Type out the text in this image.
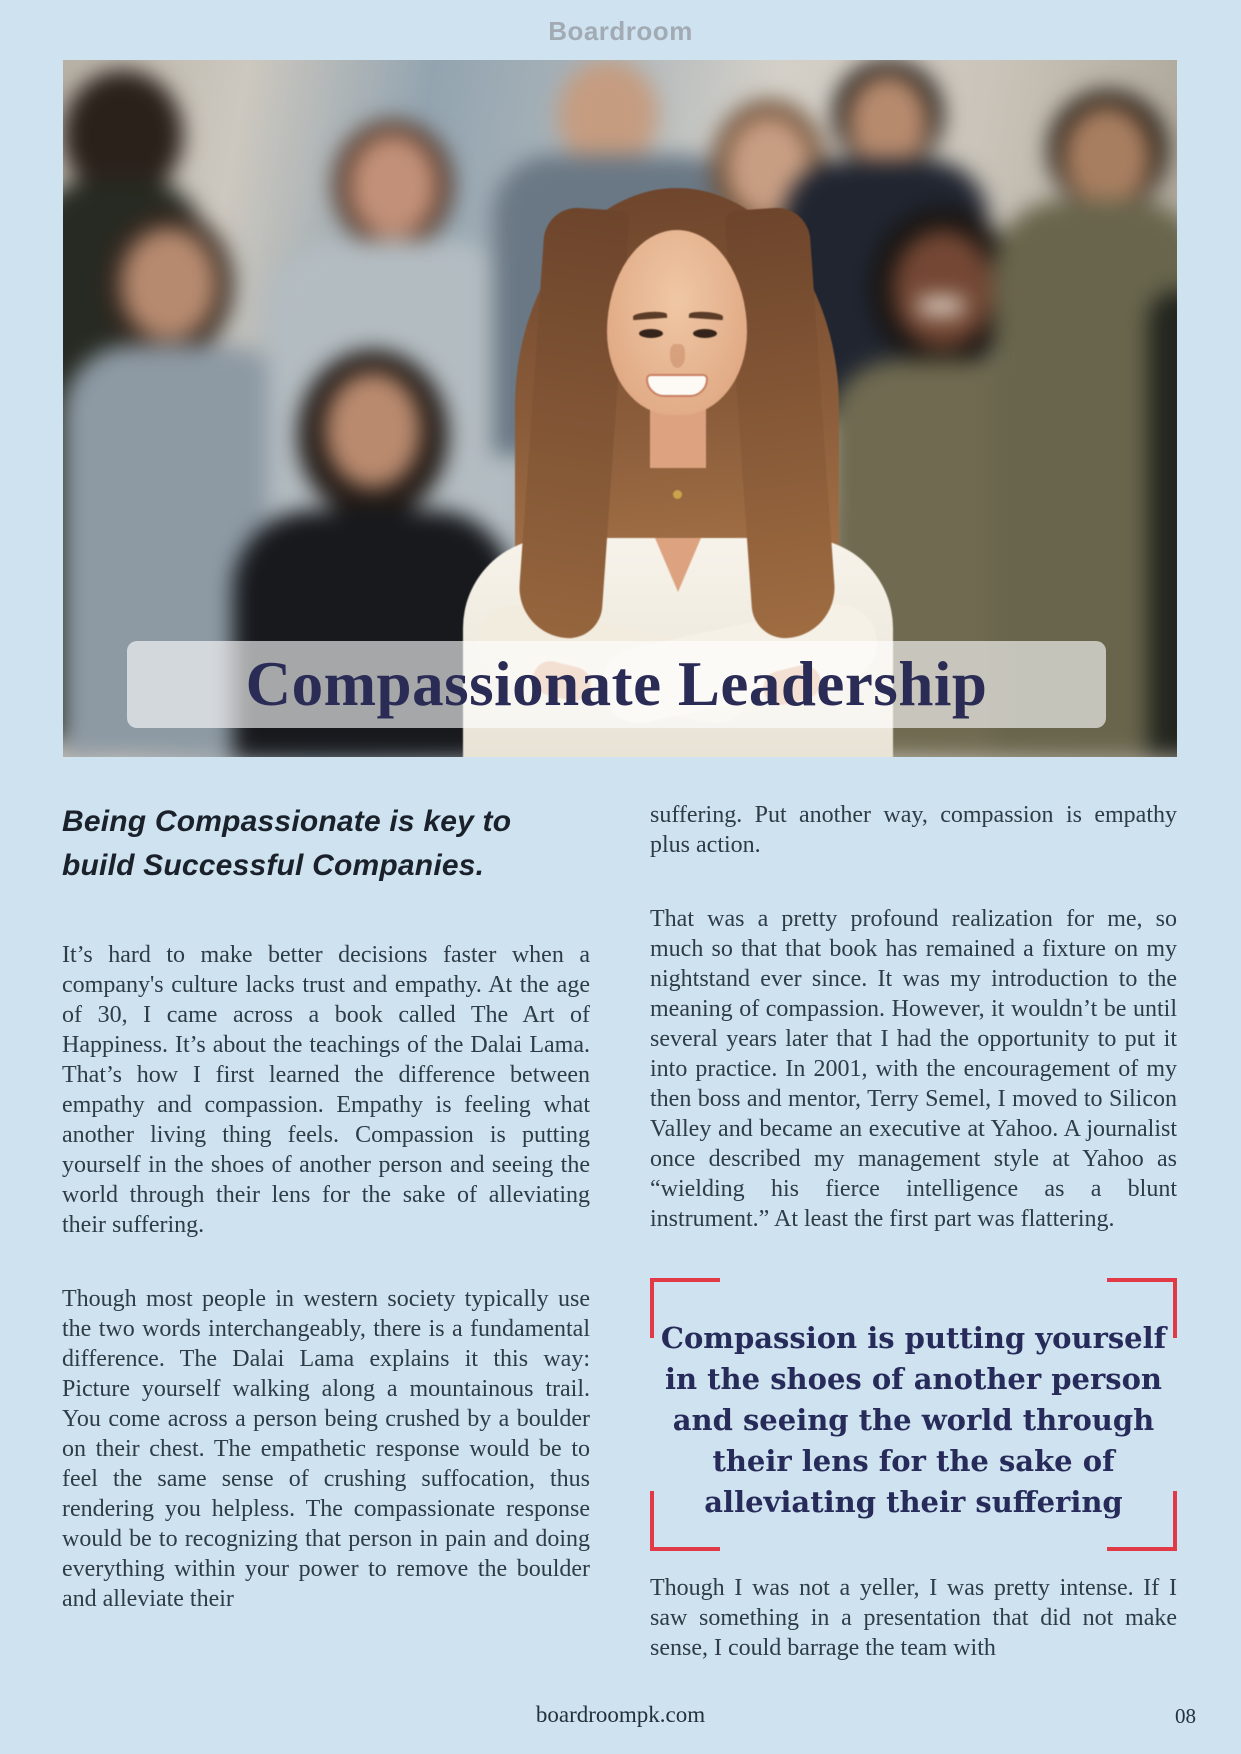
Boardroom
Compassionate Leadership
Being Compassionate is key to build Successful Companies.

It’s hard to make better decisions faster when a company's culture lacks trust and empathy. At the age of 30, I came across a book called The Art of Happiness. It’s about the teachings of the Dalai Lama. That’s how I first learned the difference between empathy and compassion. Empathy is feeling what another living thing feels. Compassion is putting yourself in the shoes of another person and seeing the world through their lens for the sake of alleviating their suffering.

Though most people in western society typically use the two words interchangeably, there is a fundamental difference. The Dalai Lama explains it this way: Picture yourself walking along a mountainous trail. You come across a person being crushed by a boulder on their chest. The empathetic response would be to feel the same sense of crushing suffocation, thus rendering you helpless. The compassionate response would be to recognizing that person in pain and doing everything within your power to remove the boulder and alleviate their

suffering. Put another way, compassion is empathy plus action.

That was a pretty profound realization for me, so much so that that book has remained a fixture on my nightstand ever since. It was my introduction to the meaning of compassion. However, it wouldn’t be until several years later that I had the opportunity to put it into practice. In 2001, with the encouragement of my then boss and mentor, Terry Semel, I moved to Silicon Valley and became an executive at Yahoo. A journalist once described my management style at Yahoo as “wielding his fierce intelligence as a blunt instrument.” At least the first part was flattering.

Compassion is putting yourself
in the shoes of another person
and seeing the world through
their lens for the sake of
alleviating their suffering

Though I was not a yeller, I was pretty intense. If I saw something in a presentation that did not make sense, I could barrage the team with

boardroompk.com	08
